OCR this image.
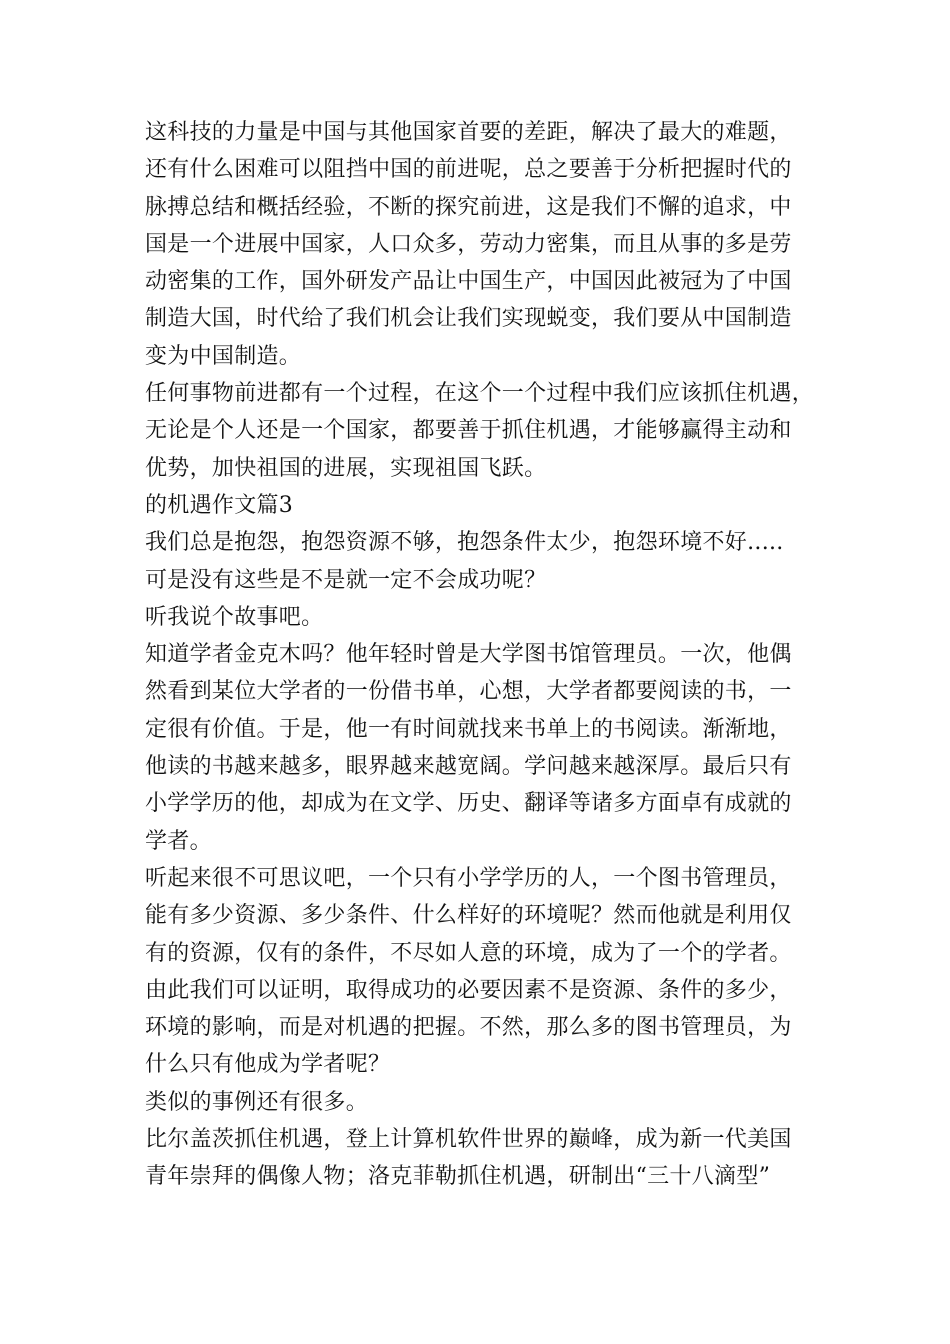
这科技的力量是中国与其他国家首要的差距，解决了最大的难题，
还有什么困难可以阻挡中国的前进呢，总之要善于分析把握时代的
脉搏总结和概括经验，不断的探究前进，这是我们不懈的追求，中
国是一个进展中国家，人口众多，劳动力密集，而且从事的多是劳
动密集的工作，国外研发产品让中国生产，中国因此被冠为了中国
制造大国，时代给了我们机会让我们实现蜕变，我们要从中国制造
变为中国制造。
任何事物前进都有一个过程，在这个一个过程中我们应该抓住机遇，
无论是个人还是一个国家，都要善于抓住机遇，才能够赢得主动和
优势，加快祖国的进展，实现祖国飞跃。
的机遇作文篇3
我们总是抱怨，抱怨资源不够，抱怨条件太少，抱怨环境不好.....
可是没有这些是不是就一定不会成功呢？
听我说个故事吧。
知道学者金克木吗？他年轻时曾是大学图书馆管理员。一次，他偶
然看到某位大学者的一份借书单，心想，大学者都要阅读的书，一
定很有价值。于是，他一有时间就找来书单上的书阅读。渐渐地，
他读的书越来越多，眼界越来越宽阔。学问越来越深厚。最后只有
小学学历的他，却成为在文学、历史、翻译等诸多方面卓有成就的
学者。
听起来很不可思议吧，一个只有小学学历的人，一个图书管理员，
能有多少资源、多少条件、什么样好的环境呢？然而他就是利用仅
有的资源，仅有的条件，不尽如人意的环境，成为了一个的学者。
由此我们可以证明，取得成功的必要因素不是资源、条件的多少，
环境的影响，而是对机遇的把握。不然，那么多的图书管理员，为
什么只有他成为学者呢？
类似的事例还有很多。
比尔盖茨抓住机遇，登上计算机软件世界的巅峰，成为新一代美国
青年崇拜的偶像人物；洛克菲勒抓住机遇，研制出“三十八滴型”
